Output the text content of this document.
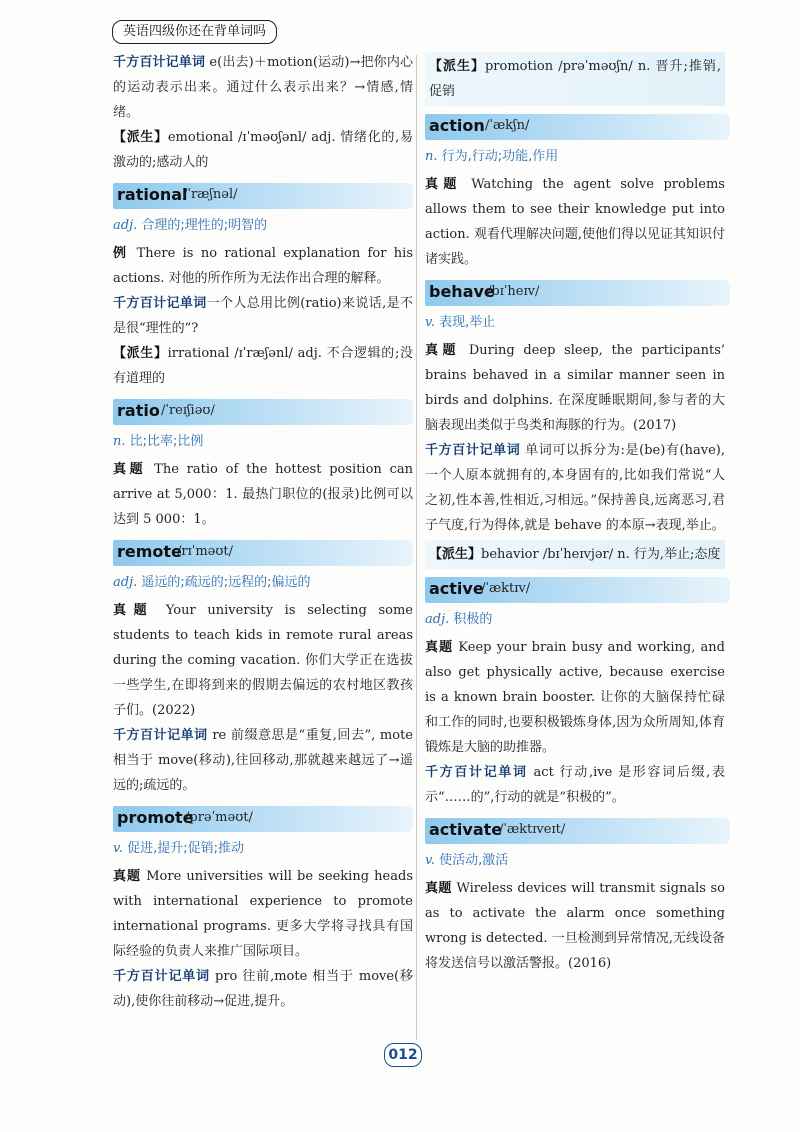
英语四级你还在背单词吗

千方百计记单词 e(出去)＋motion(运动)→把你内心的运动表示出来。通过什么表示出来？→情感,情绪。

【派生】emotional /ɪˈməʊʃənl/ adj. 情绪化的,易激动的;感动人的

rational
/ˈræʃnəl/

adj. 合理的;理性的;明智的

例 There is no rational explanation for his actions. 对他的所作所为无法作出合理的解释。

千方百计记单词一个人总用比例(ratio)来说话,是不是很“理性的”?

【派生】irrational /ɪˈræʃənl/ adj. 不合逻辑的;没有道理的

ratio /ˈreɪʃiəʊ/

n. 比;比率;比例

真题 The ratio of the hottest position can arrive at 5,000：1. 最热门职位的(报录)比例可以达到 5 000：1。

remote
/rɪˈməʊt/

adj. 遥远的;疏远的;远程的;偏远的

真题 Your university is selecting some students to teach kids in remote rural areas during the coming vacation. 你们大学正在选拔一些学生,在即将到来的假期去偏远的农村地区教孩子们。(2022)

千方百计记单词 re 前缀意思是“重复,回去”, mote 相当于 move(移动),往回移动,那就越来越远了→遥远的;疏远的。

promote
/prəˈməʊt/

v. 促进,提升;促销;推动

真题 More universities will be seeking heads with international experience to promote international programs. 更多大学将寻找具有国际经验的负责人来推广国际项目。

千方百计记单词 pro 往前,mote 相当于 move(移动),使你往前移动→促进,提升。

【派生】promotion /prəˈməʊʃn/ n. 晋升;推销,促销

action /ˈækʃn/

n. 行为,行动;功能,作用

真题 Watching the agent solve problems allows them to see their knowledge put into action. 观看代理解决问题,使他们得以见证其知识付诸实践。

behave
/bɪˈheɪv/

v. 表现,举止

真题 During deep sleep, the participants’ brains behaved in a similar manner seen in birds and dolphins. 在深度睡眠期间,参与者的大脑表现出类似于鸟类和海豚的行为。(2017)

千方百计记单词 单词可以拆分为:是(be)有(have),一个人原本就拥有的,本身固有的,比如我们常说“人之初,性本善,性相近,习相远。”保持善良,远离恶习,君子气度,行为得体,就是 behave 的本原→表现,举止。

【派生】behavior /bɪˈheɪvjər/ n. 行为,举止;态度

active
/ˈæktɪv/

adj. 积极的

真题 Keep your brain busy and working, and also get physically active, because exercise is a known brain booster. 让你的大脑保持忙碌和工作的同时,也要积极锻炼身体,因为众所周知,体育锻炼是大脑的助推器。

千方百计记单词 act 行动,ive 是形容词后缀,表示“……的”,行动的就是“积极的”。

activate
/ˈæktɪveɪt/

v. 使活动,激活

真题 Wireless devices will transmit signals so as to activate the alarm once something wrong is detected. 一旦检测到异常情况,无线设备将发送信号以激活警报。(2016)

012
